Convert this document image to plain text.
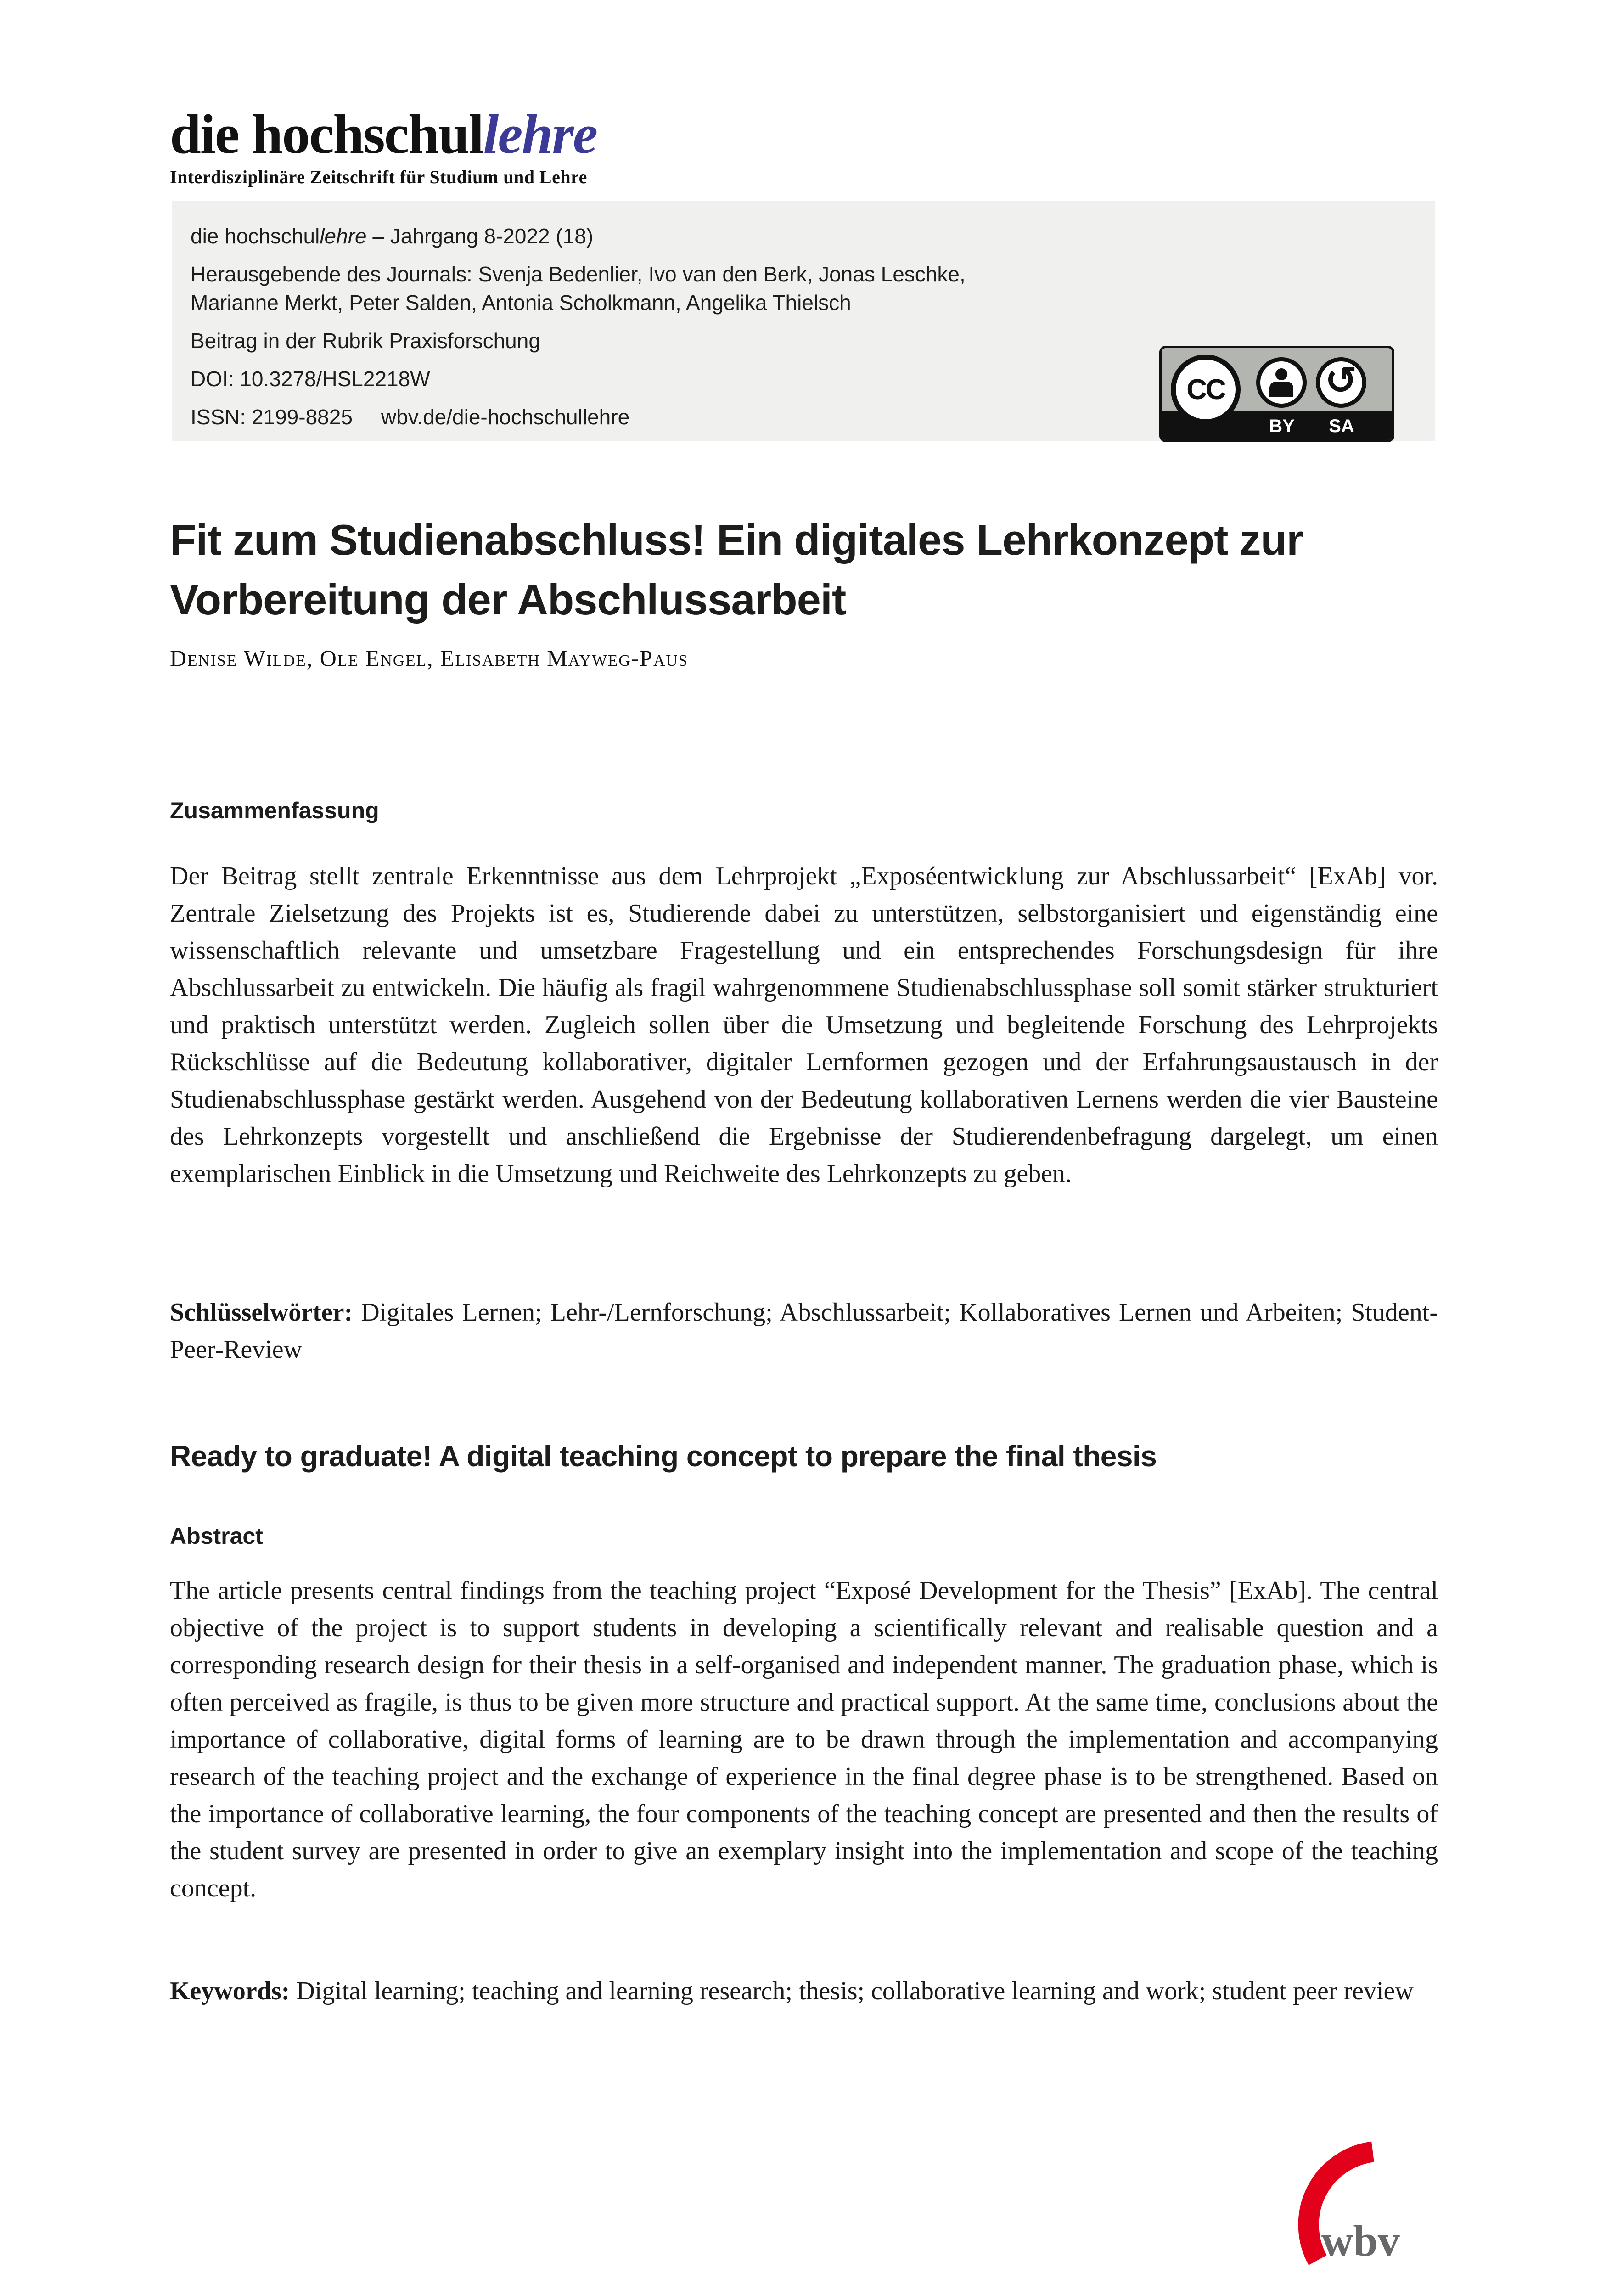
die hochschullehre
Interdisziplinäre Zeitschrift für Studium und Lehre

die hochschullehre – Jahrgang 8-2022 (18)

Herausgebende des Journals: Svenja Bedenlier, Ivo van den Berk, Jonas Leschke,
Marianne Merkt, Peter Salden, Antonia Scholkmann, Angelika Thielsch

Beitrag in der Rubrik Praxisforschung

DOI: 10.3278/HSL2218W

ISSN: 2199-8825 wbv.de/die-hochschullehre

CC	↺
BY	SA
Fit zum Studienabschluss! Ein digitales Lehrkonzept zur Vorbereitung der Abschlussarbeit
Denise Wilde, Ole Engel, Elisabeth Mayweg-Paus
Zusammenfassung

Der Beitrag stellt zentrale Erkenntnisse aus dem Lehrprojekt „Exposéentwicklung zur Abschlussarbeit“ [ExAb] vor. Zentrale Zielsetzung des Projekts ist es, Studierende dabei zu unterstützen, selbstorganisiert und eigenständig eine wissenschaftlich relevante und umsetzbare Fragestellung und ein entsprechendes Forschungsdesign für ihre Abschlussarbeit zu entwickeln. Die häufig als fragil wahrgenommene Studienabschlussphase soll somit stärker strukturiert und praktisch unterstützt werden. Zugleich sollen über die Umsetzung und begleitende Forschung des Lehrprojekts Rückschlüsse auf die Bedeutung kollaborativer, digitaler Lernformen gezogen und der Erfahrungsaustausch in der Studienabschlussphase gestärkt werden. Ausgehend von der Bedeutung kollaborativen Lernens werden die vier Bausteine des Lehrkonzepts vorgestellt und anschließend die Ergebnisse der Studierendenbefragung dargelegt, um einen exemplarischen Einblick in die Umsetzung und Reichweite des Lehrkonzepts zu geben.

Schlüsselwörter: Digitales Lernen; Lehr-/Lernforschung; Abschlussarbeit; Kollaboratives Lernen und Arbeiten; Student-Peer-Review

Ready to graduate! A digital teaching concept to prepare the final thesis
Abstract

The article presents central findings from the teaching project “Exposé Development for the Thesis” [ExAb]. The central objective of the project is to support students in developing a scientifically relevant and realisable question and a corresponding research design for their thesis in a self-organised and independent manner. The graduation phase, which is often perceived as fragile, is thus to be given more structure and practical support. At the same time, conclusions about the importance of collaborative, digital forms of learning are to be drawn through the implementation and accompanying research of the teaching project and the exchange of experience in the final degree phase is to be strengthened. Based on the importance of collaborative learning, the four components of the teaching concept are presented and then the results of the student survey are presented in order to give an exemplary insight into the implementation and scope of the teaching concept.

Keywords: Digital learning; teaching and learning research; thesis; collaborative learning and work; student peer review

wbv
